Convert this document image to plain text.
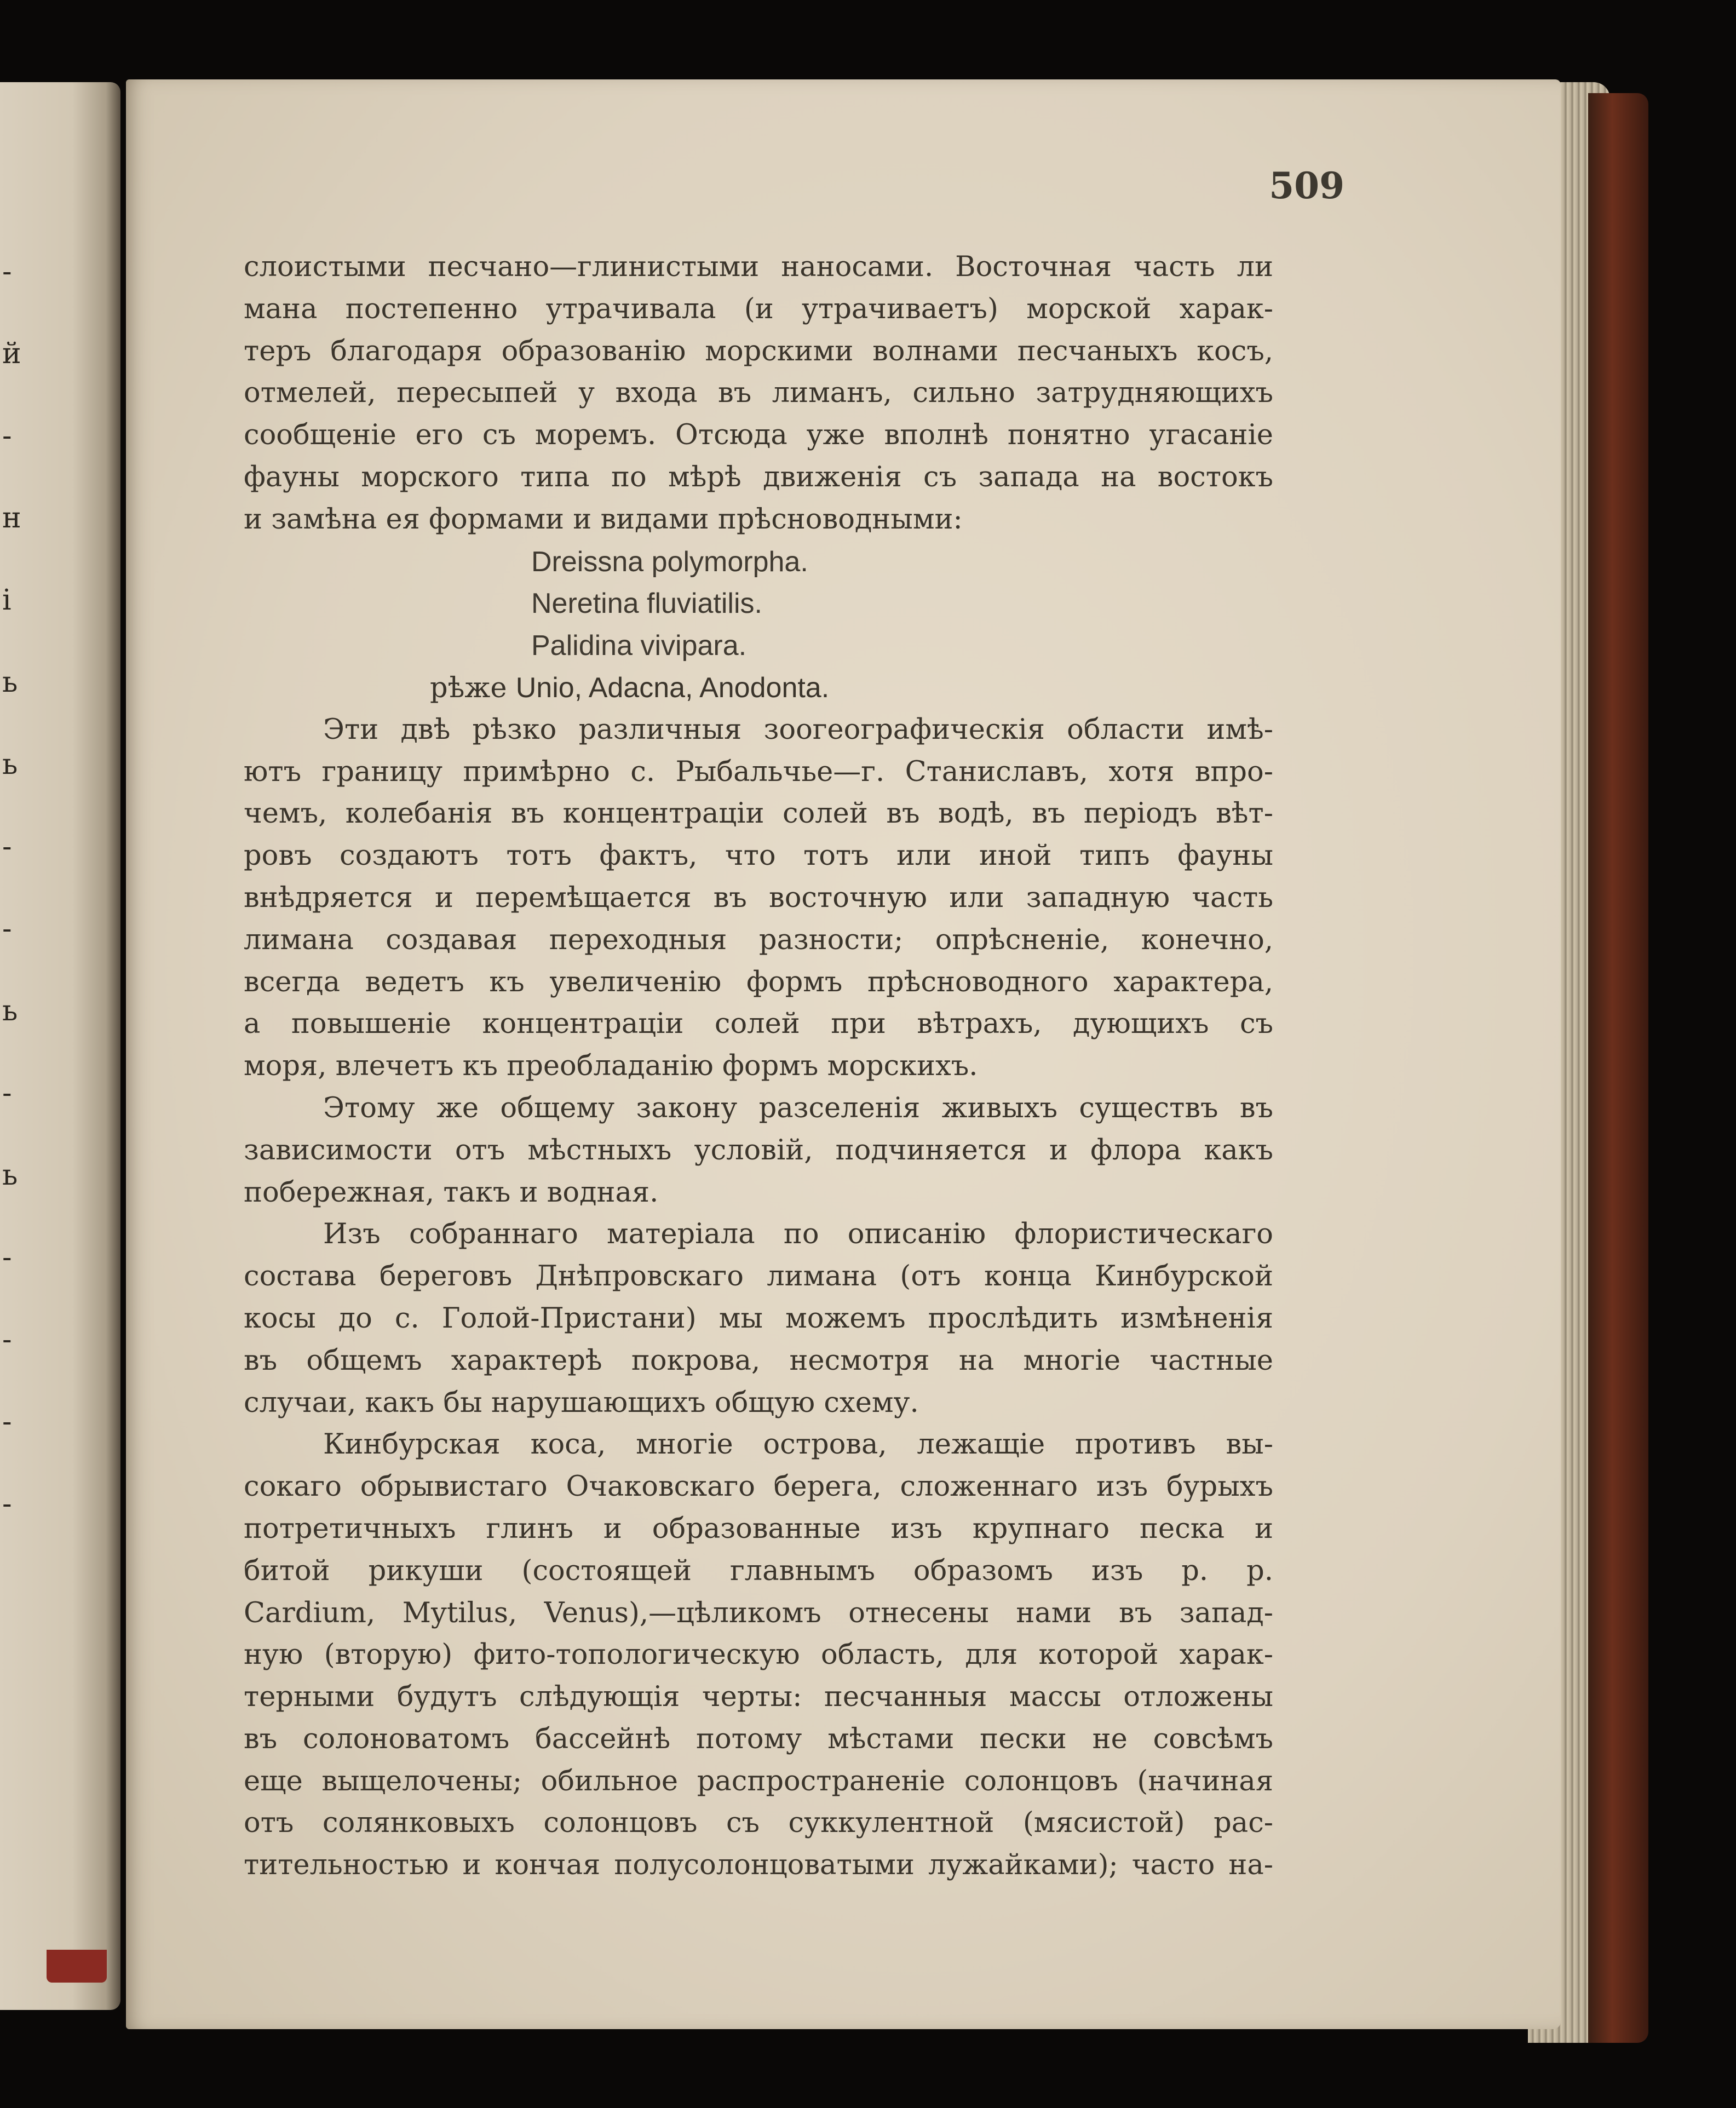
-
й
-
н
і
ь
ь
-
-
ь
-
ь
-
-
-
-
509
слоистыми песчано—глинистыми наносами. Восточная часть ли
мана постепенно утрачивала (и утрачиваетъ) морской харак-
теръ благодаря образованію морскими волнами песчаныхъ косъ,
отмелей, пересыпей у входа въ лиманъ, сильно затрудняющихъ
сообщеніе его съ моремъ. Отсюда уже вполнѣ понятно угасаніе
фауны морского типа по мѣрѣ движенія съ запада на востокъ
и замѣна ея формами и видами прѣсноводными:
Dreissna polymorpha.
Neretina fluviatilis.
Palidina vivipara.
рѣже Unio, Adacna, Anodonta.
Эти двѣ рѣзко различныя зоогеографическія области имѣ-
ютъ границу примѣрно с. Рыбальчье—г. Станиславъ, хотя впро-
чемъ, колебанія въ концентраціи солей въ водѣ, въ періодъ вѣт-
ровъ создаютъ тотъ фактъ, что тотъ или иной типъ фауны
внѣдряется и перемѣщается въ восточную или западную часть
лимана создавая переходныя разности; опрѣсненіе, конечно,
всегда ведетъ къ увеличенію формъ прѣсноводного характера,
а повышеніе концентраціи солей при вѣтрахъ, дующихъ съ
моря, влечетъ къ преобладанію формъ морскихъ.
Этому же общему закону разселенія живыхъ существъ въ
зависимости отъ мѣстныхъ условій, подчиняется и флора какъ
побережная, такъ и водная.
Изъ собраннаго матеріала по описанію флористическаго
состава береговъ Днѣпровскаго лимана (отъ конца Кинбурской
косы до с. Голой-Пристани) мы можемъ прослѣдить измѣненія
въ общемъ характерѣ покрова, несмотря на многіе частные
случаи, какъ бы нарушающихъ общую схему.
Кинбурская коса, многіе острова, лежащіе противъ вы-
сокаго обрывистаго Очаковскаго берега, сложеннаго изъ бурыхъ
потретичныхъ глинъ и образованные изъ крупнаго песка и
битой рикуши (состоящей главнымъ образомъ изъ р. р.
Cardium, Mytilus, Venus),—цѣликомъ отнесены нами въ запад-
ную (вторую) фито-топологическую область, для которой харак-
терными будутъ слѣдующія черты: песчанныя массы отложены
въ солоноватомъ бассейнѣ потому мѣстами пески не совсѣмъ
еще выщелочены; обильное распространеніе солонцовъ (начиная
отъ солянковыхъ солонцовъ съ суккулентной (мясистой) рас-
тительностью и кончая полусолонцоватыми лужайками); часто на-
